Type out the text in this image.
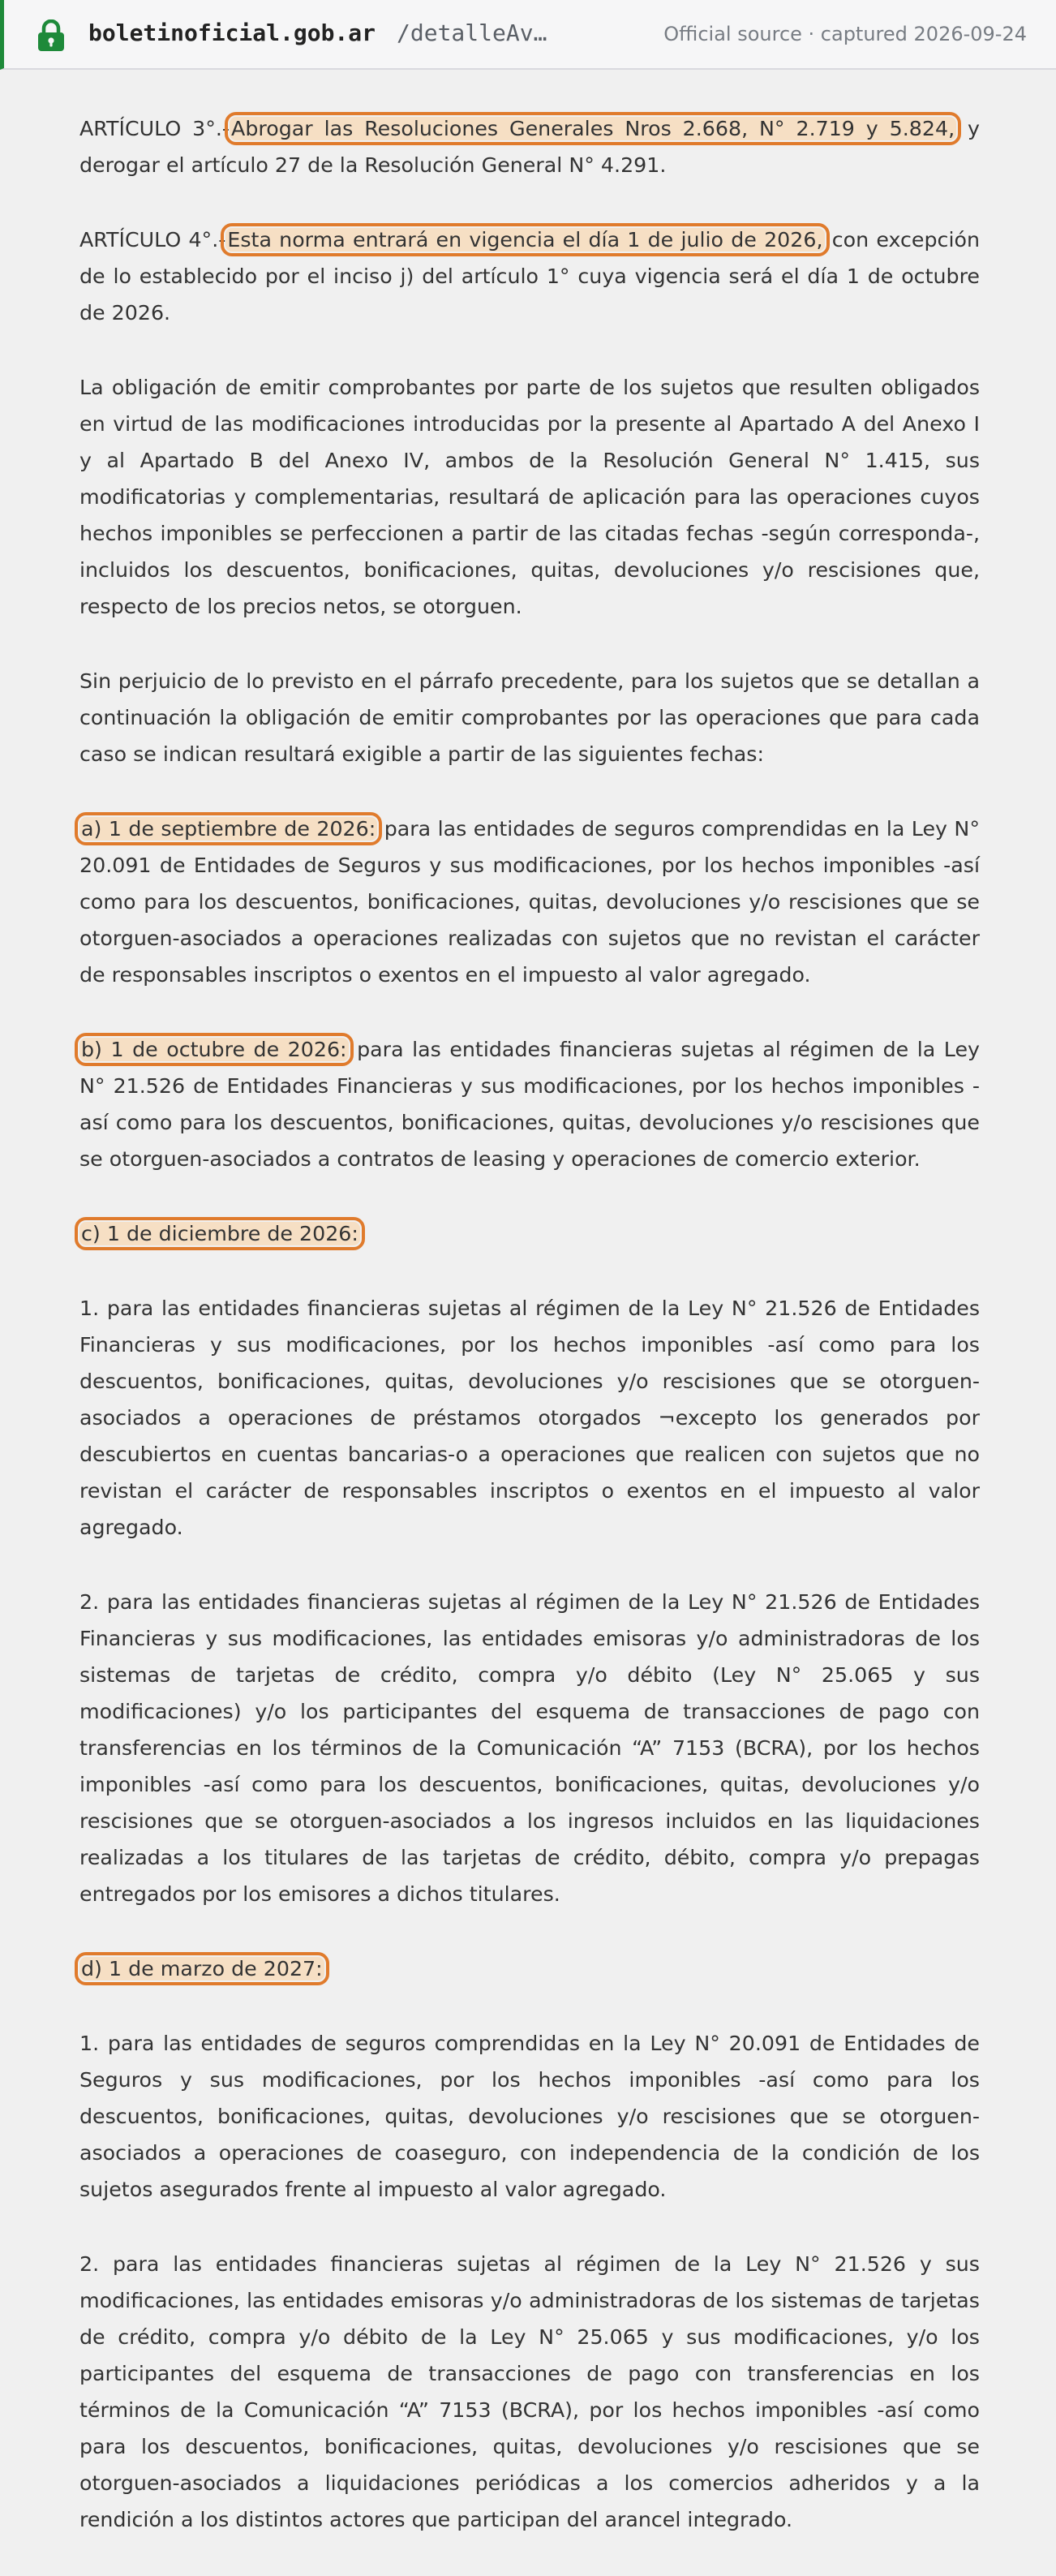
boletinoficial.gob.ar /detalleAv…	Official source · captured 2026-09-24

ARTÍCULO 3°.-Abrogar las Resoluciones Generales Nros 2.668, N° 2.719 y 5.824, y derogar el artículo 27 de la Resolución General N° 4.291.

ARTÍCULO 4°.-Esta norma entrará en vigencia el día 1 de julio de 2026, con excepción de lo establecido por el inciso j) del artículo 1° cuya vigencia será el día 1 de octubre de 2026.

La obligación de emitir comprobantes por parte de los sujetos que resulten obligados en virtud de las modificaciones introducidas por la presente al Apartado A del Anexo I y al Apartado B del Anexo IV, ambos de la Resolución General N° 1.415, sus modificatorias y complementarias, resultará de aplicación para las operaciones cuyos hechos imponibles se perfeccionen a partir de las citadas fechas -según corresponda-, incluidos los descuentos, bonificaciones, quitas, devoluciones y/o rescisiones que, respecto de los precios netos, se otorguen.

Sin perjuicio de lo previsto en el párrafo precedente, para los sujetos que se detallan a continuación la obligación de emitir comprobantes por las operaciones que para cada caso se indican resultará exigible a partir de las siguientes fechas:

a) 1 de septiembre de 2026: para las entidades de seguros comprendidas en la Ley N° 20.091 de Entidades de Seguros y sus modificaciones, por los hechos imponibles -así como para los descuentos, bonificaciones, quitas, devoluciones y/o rescisiones que se otorguen-asociados a operaciones realizadas con sujetos que no revistan el carácter de responsables inscriptos o exentos en el impuesto al valor agregado.

b) 1 de octubre de 2026: para las entidades financieras sujetas al régimen de la Ley N° 21.526 de Entidades Financieras y sus modificaciones, por los hechos imponibles -así como para los descuentos, bonificaciones, quitas, devoluciones y/o rescisiones que se otorguen-asociados a contratos de leasing y operaciones de comercio exterior.

c) 1 de diciembre de 2026:

1. para las entidades financieras sujetas al régimen de la Ley N° 21.526 de Entidades Financieras y sus modificaciones, por los hechos imponibles -así como para los descuentos, bonificaciones, quitas, devoluciones y/o rescisiones que se otorguen-asociados a operaciones de préstamos otorgados ¬excepto los generados por descubiertos en cuentas bancarias-o a operaciones que realicen con sujetos que no revistan el carácter de responsables inscriptos o exentos en el impuesto al valor agregado.

2. para las entidades financieras sujetas al régimen de la Ley N° 21.526 de Entidades Financieras y sus modificaciones, las entidades emisoras y/o administradoras de los sistemas de tarjetas de crédito, compra y/o débito (Ley N° 25.065 y sus modificaciones) y/o los participantes del esquema de transacciones de pago con transferencias en los términos de la Comunicación “A” 7153 (BCRA), por los hechos imponibles -así como para los descuentos, bonificaciones, quitas, devoluciones y/o rescisiones que se otorguen-asociados a los ingresos incluidos en las liquidaciones realizadas a los titulares de las tarjetas de crédito, débito, compra y/o prepagas entregados por los emisores a dichos titulares.

d) 1 de marzo de 2027:

1. para las entidades de seguros comprendidas en la Ley N° 20.091 de Entidades de Seguros y sus modificaciones, por los hechos imponibles -así como para los descuentos, bonificaciones, quitas, devoluciones y/o rescisiones que se otorguen-asociados a operaciones de coaseguro, con independencia de la condición de los sujetos asegurados frente al impuesto al valor agregado.

2. para las entidades financieras sujetas al régimen de la Ley N° 21.526 y sus modificaciones, las entidades emisoras y/o administradoras de los sistemas de tarjetas de crédito, compra y/o débito de la Ley N° 25.065 y sus modificaciones, y/o los participantes del esquema de transacciones de pago con transferencias en los términos de la Comunicación “A” 7153 (BCRA), por los hechos imponibles -así como para los descuentos, bonificaciones, quitas, devoluciones y/o rescisiones que se otorguen-asociados a liquidaciones periódicas a los comercios adheridos y a la rendición a los distintos actores que participan del arancel integrado.
